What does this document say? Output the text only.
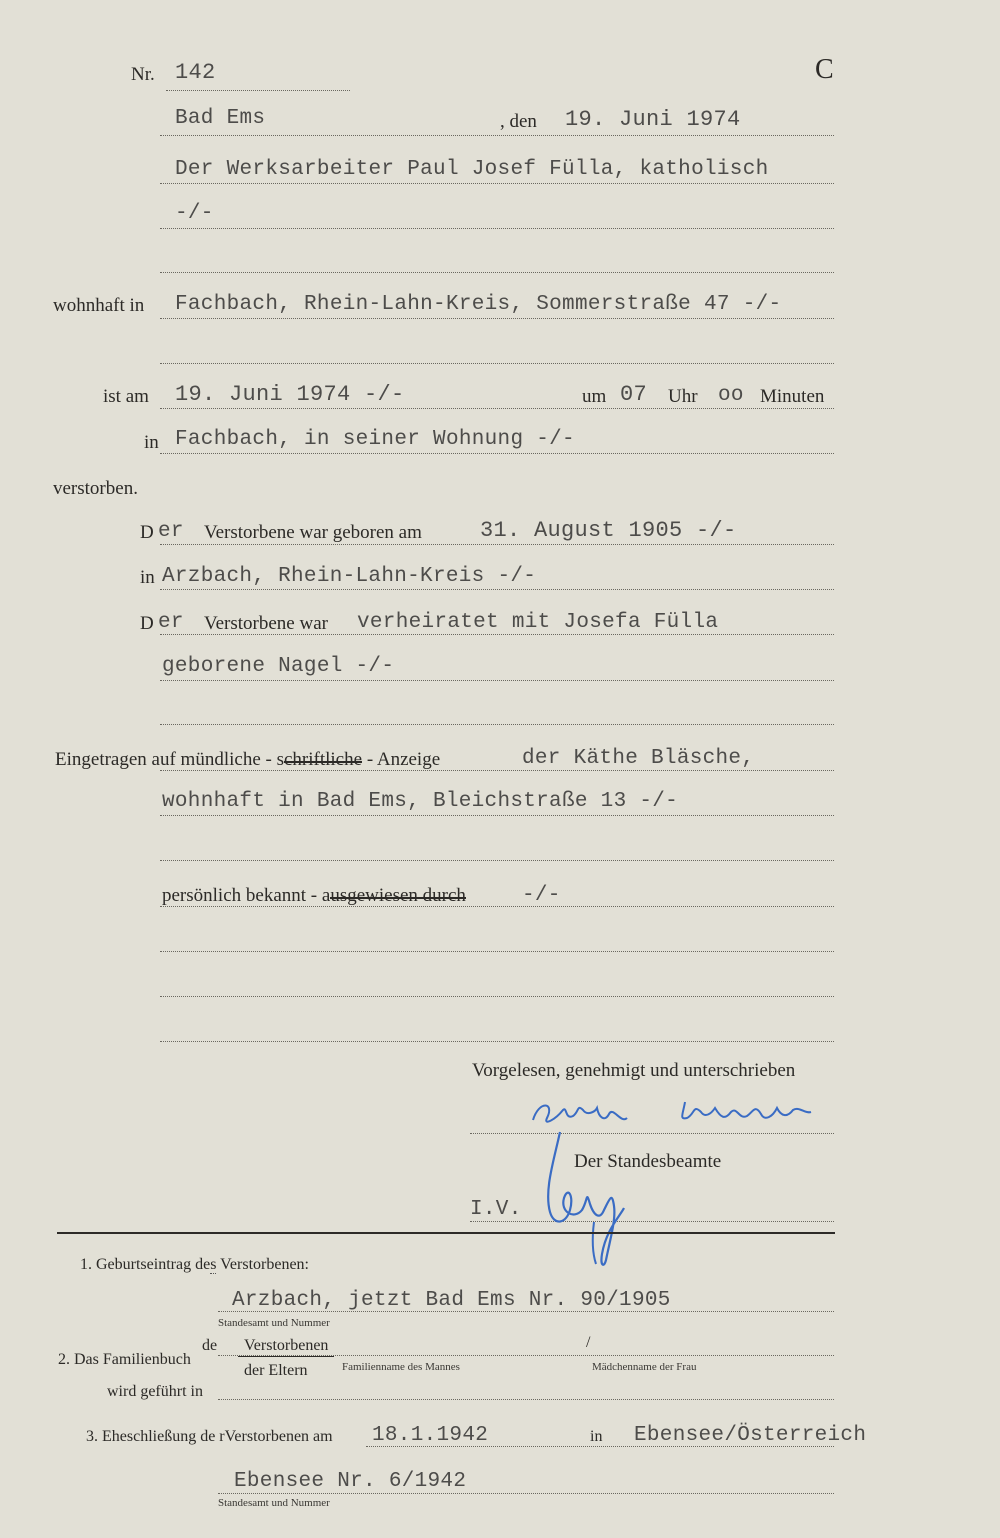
Nr. 142	C
Bad Ems	, den 19. Juni 1974
Der Werksarbeiter Paul Josef Fülla, katholisch
-/-
wohnhaft in Fachbach, Rhein-Lahn-Kreis, Sommerstraße 47 -/-
ist am 19. Juni 1974 -/-	um 07 Uhr oo Minuten
in Fachbach, in seiner Wohnung -/-
verstorben.
D er Verstorbene war geboren am	31. August 1905 -/-
in Arzbach, Rhein-Lahn-Kreis -/-
D er Verstorbene war verheiratet mit Josefa Fülla
geborene Nagel -/-
Eingetragen auf mündliche - schriftliche - Anzeige	der Käthe Bläsche,
wohnhaft in Bad Ems, Bleichstraße 13 -/-
persönlich bekannt - ausgewiesen durch	-/-
Vorgelesen, genehmigt und unterschrieben
Der Standesbeamte
I.V.
1. Geburtseintrag des Verstorbenen:
Arzbach, jetzt Bad Ems Nr. 90/1905
Standesamt und Nummer
2. Das Familienbuch
de Verstorbenen
der Eltern	Familienname des Mannes
/
Mädchenname der Frau
wird geführt in
3. Eheschließung de rVerstorbenen am 18.1.1942	in Ebensee/Österreich
Ebensee Nr. 6/1942
Standesamt und Nummer
